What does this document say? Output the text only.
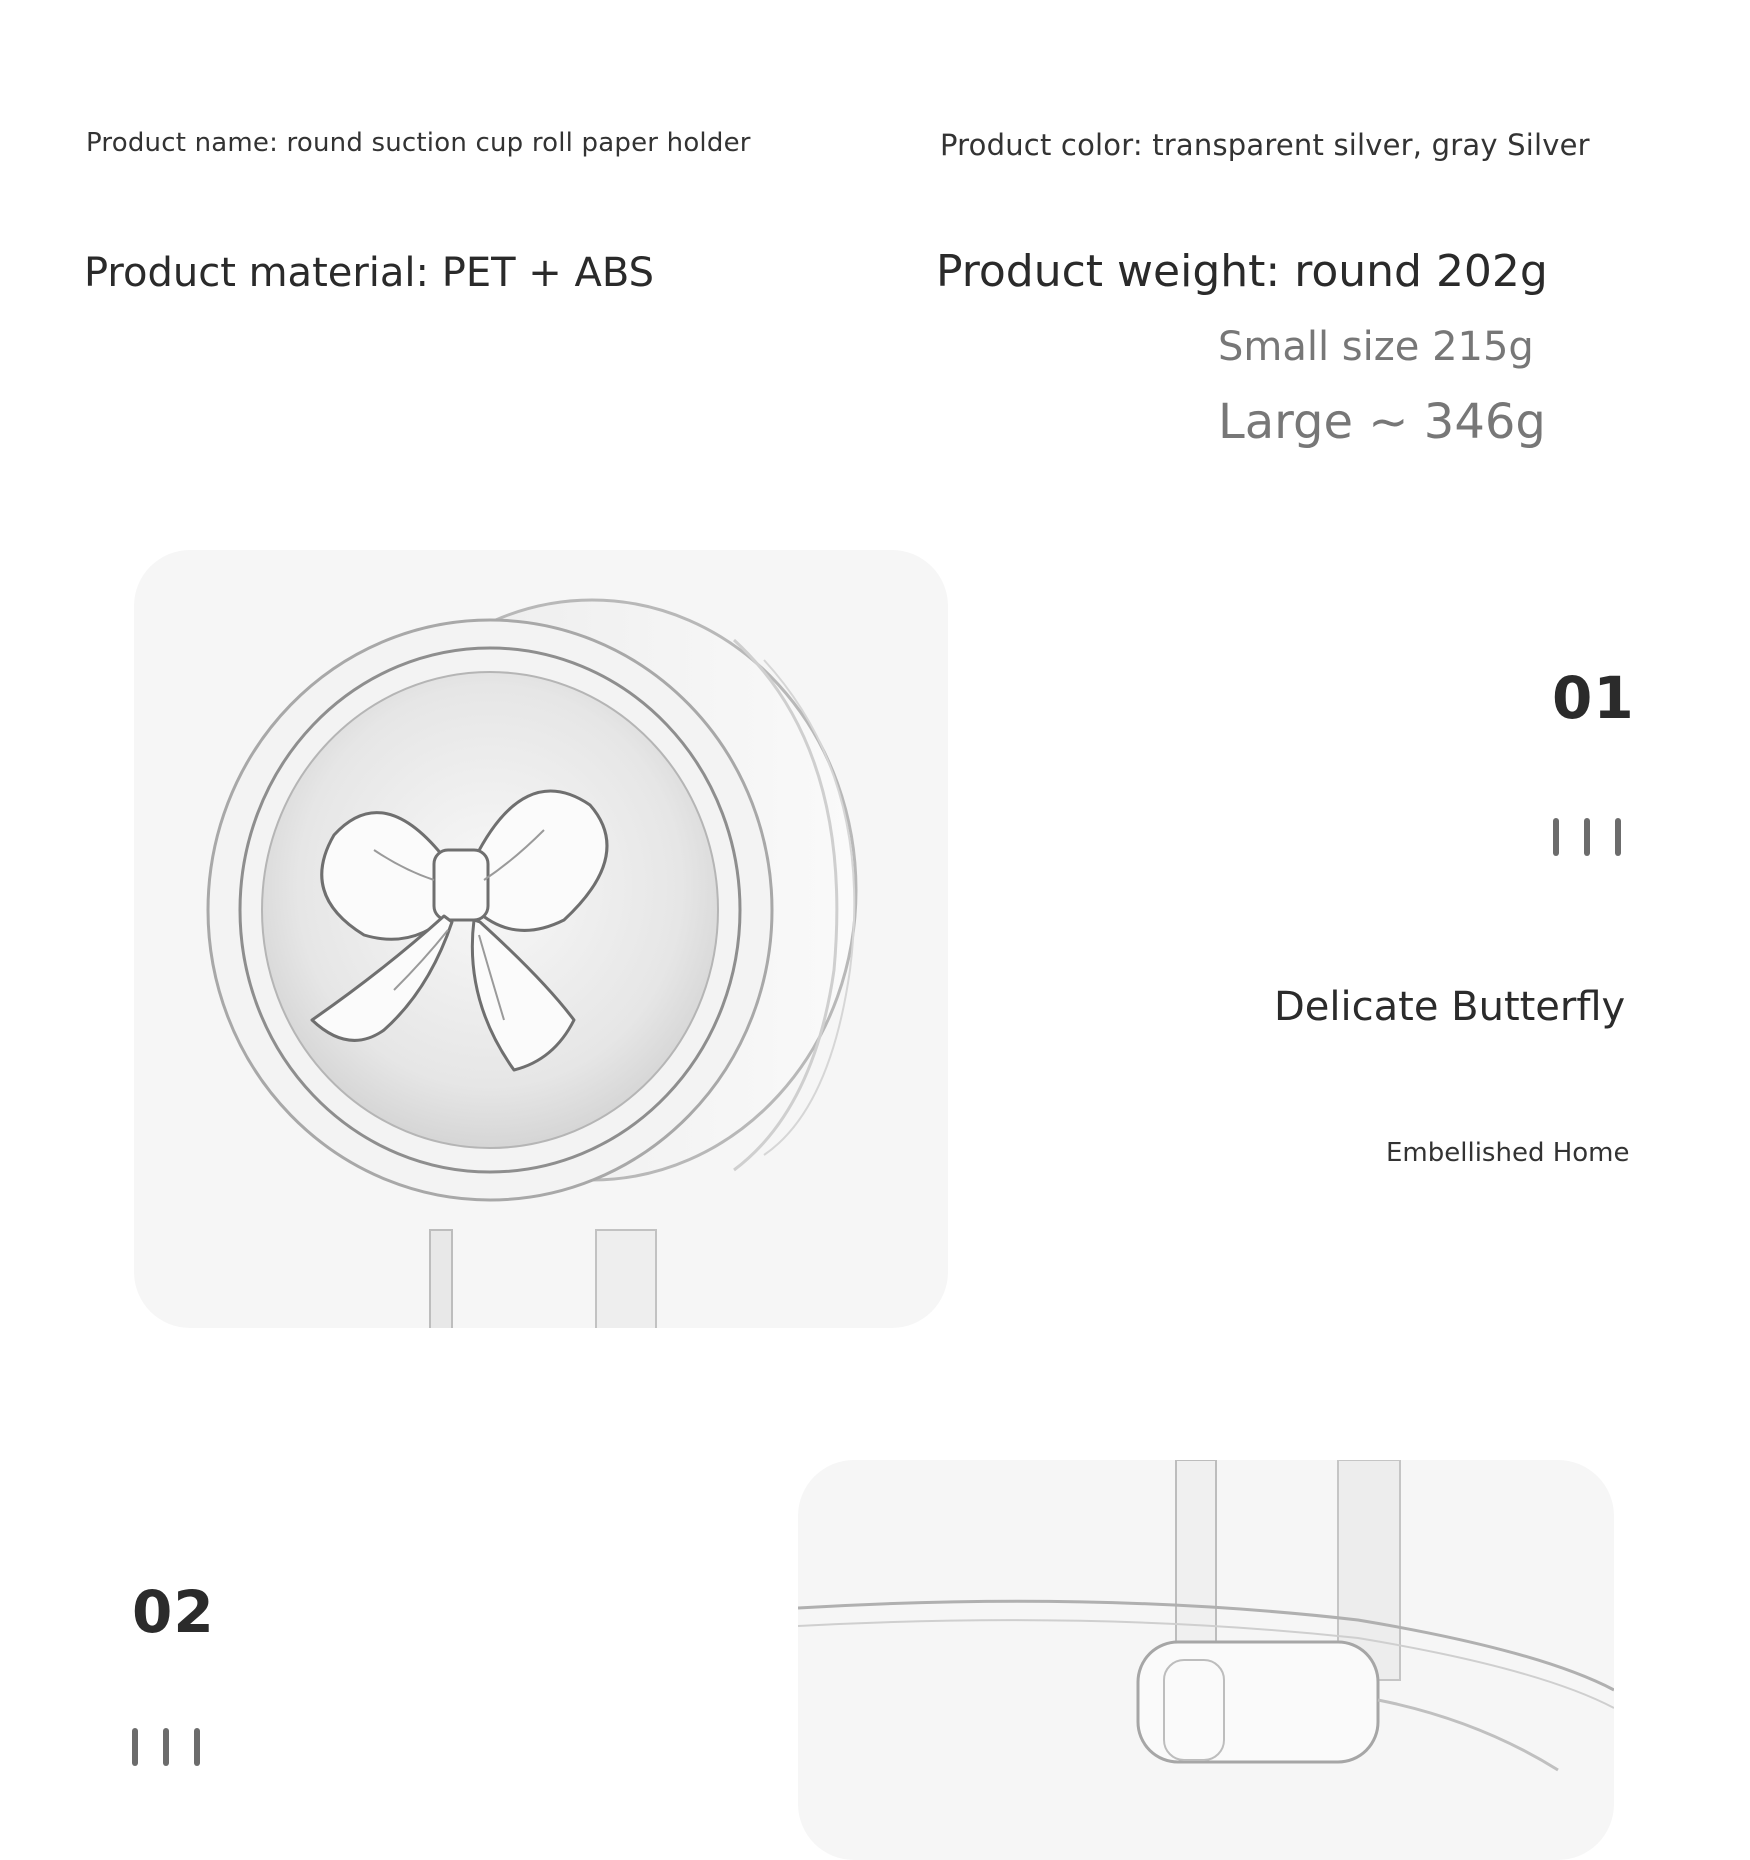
Product name: round suction cup roll paper holder	Product color: transparent silver, gray Silver
Product material: PET + ABS	Product weight: round 202g
Small size 215g
Large ~ 346g
01
Delicate Butterfly
Embellished Home
02
